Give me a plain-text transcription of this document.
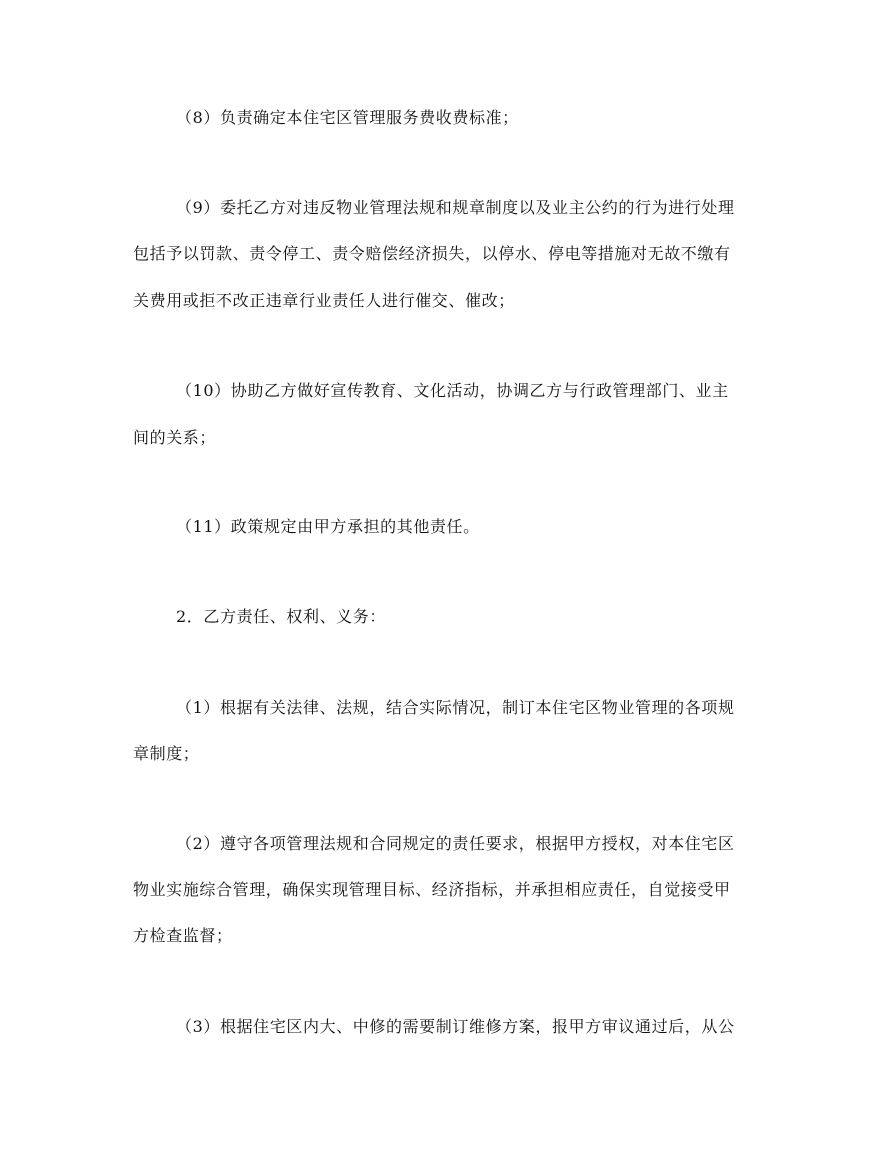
（8）负责确定本住宅区管理服务费收费标准；
（9）委托乙方对违反物业管理法规和规章制度以及业主公约的行为进行处理
包括予以罚款、责令停工、责令赔偿经济损失，以停水、停电等措施对无故不缴有
关费用或拒不改正违章行业责任人进行催交、催改；
（10）协助乙方做好宣传教育、文化活动，协调乙方与行政管理部门、业主
间的关系；
（11）政策规定由甲方承担的其他责任。
2．乙方责任、权利、义务：
（1）根据有关法律、法规，结合实际情况，制订本住宅区物业管理的各项规
章制度；
（2）遵守各项管理法规和合同规定的责任要求，根据甲方授权，对本住宅区
物业实施综合管理，确保实现管理目标、经济指标，并承担相应责任，自觉接受甲
方检查监督；
（3）根据住宅区内大、中修的需要制订维修方案，报甲方审议通过后，从公
